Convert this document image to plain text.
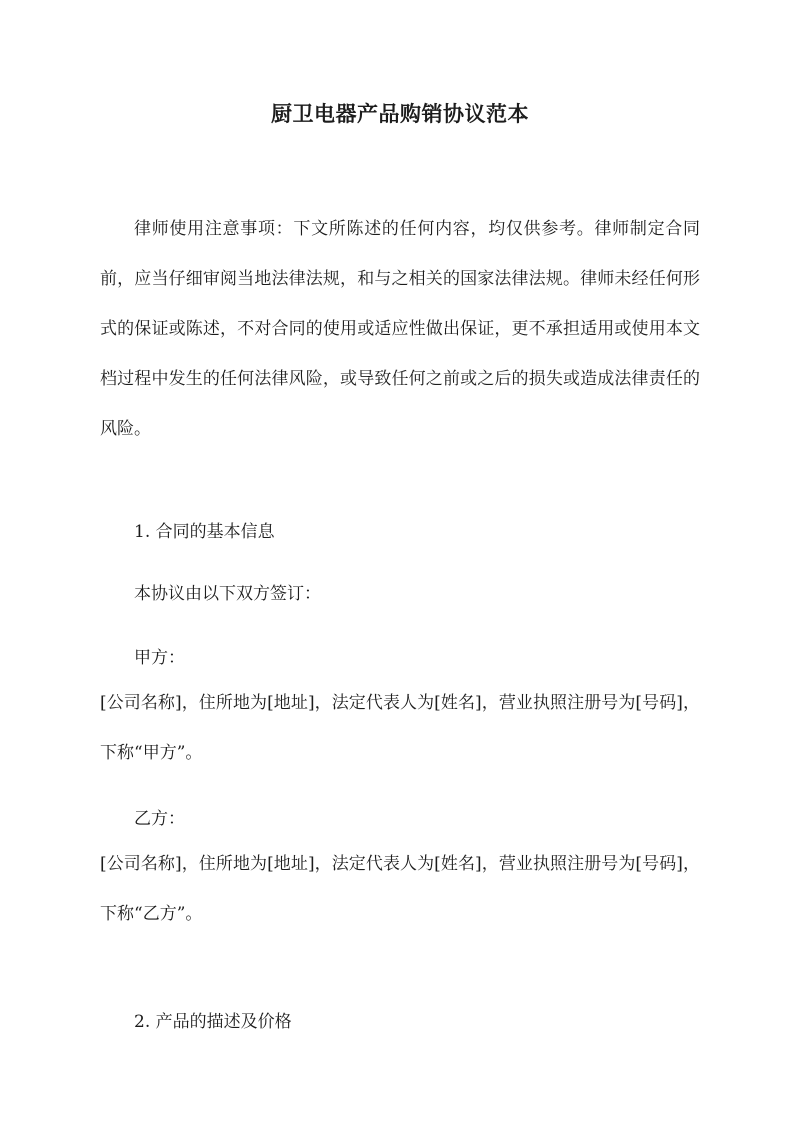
厨卫电器产品购销协议范本

律师使用注意事项：下文所陈述的任何内容，均仅供参考。律师制定合同前，应当仔细审阅当地法律法规，和与之相关的国家法律法规。律师未经任何形式的保证或陈述，不对合同的使用或适应性做出保证，更不承担适用或使用本文档过程中发生的任何法律风险，或导致任何之前或之后的损失或造成法律责任的风险。

1. 合同的基本信息
本协议由以下双方签订：
甲方：

[公司名称]，住所地为[地址]，法定代表人为[姓名]，营业执照注册号为[号码]，下称“甲方”。

乙方：

[公司名称]，住所地为[地址]，法定代表人为[姓名]，营业执照注册号为[号码]，下称“乙方”。

2. 产品的描述及价格
